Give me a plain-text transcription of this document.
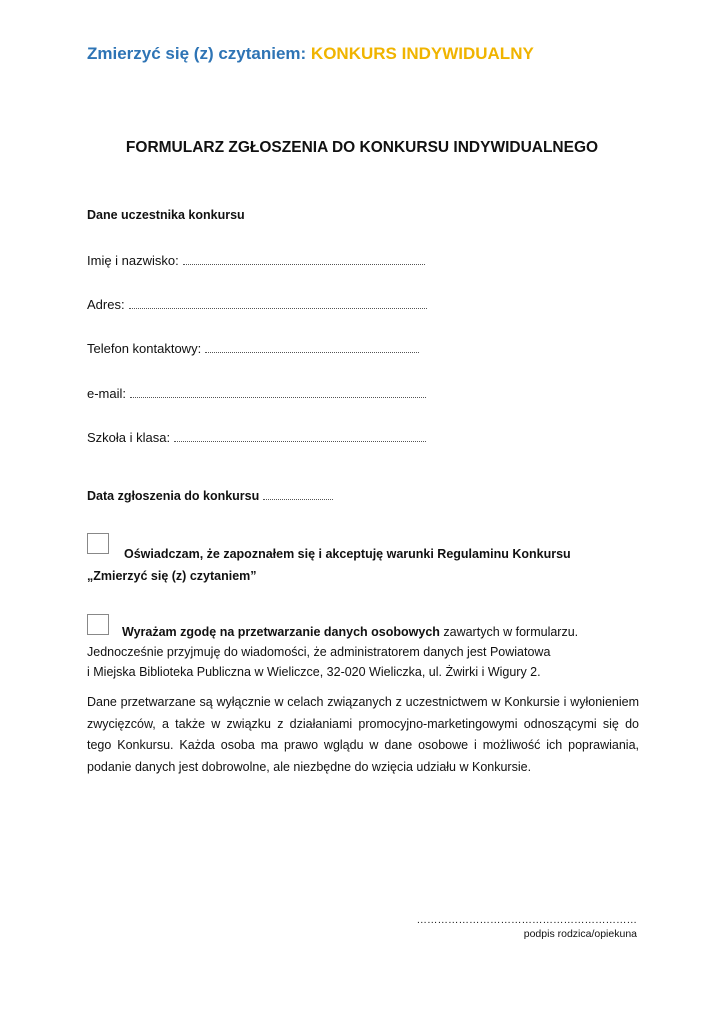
Zmierzyć się (z) czytaniem: KONKURS INDYWIDUALNY
FORMULARZ ZGŁOSZENIA DO KONKURSU INDYWIDUALNEGO
Dane uczestnika konkursu
Imię i nazwisko:
Adres:
Telefon kontaktowy:
e-mail:
Szkoła i klasa:
Data zgłoszenia do konkursu
Oświadczam, że zapoznałem się i akceptuję warunki Regulaminu Konkursu
„Zmierzyć się (z) czytaniem”
Wyrażam zgodę na przetwarzanie danych osobowych zawartych w formularzu.
Jednocześnie przyjmuję do wiadomości, że administratorem danych jest Powiatowa
i Miejska Biblioteka Publiczna w Wieliczce, 32-020 Wieliczka, ul. Żwirki i Wigury 2.
Dane przetwarzane są wyłącznie w celach związanych z uczestnictwem w Konkursie i wyłonieniem zwycięzców, a także w związku z działaniami promocyjno-marketingowymi odnoszącymi się do tego Konkursu. Każda osoba ma prawo wglądu w dane osobowe i możliwość ich poprawiania, podanie danych jest dobrowolne, ale niezbędne do wzięcia udziału w Konkursie.
………………………………………………………
podpis rodzica/opiekuna
